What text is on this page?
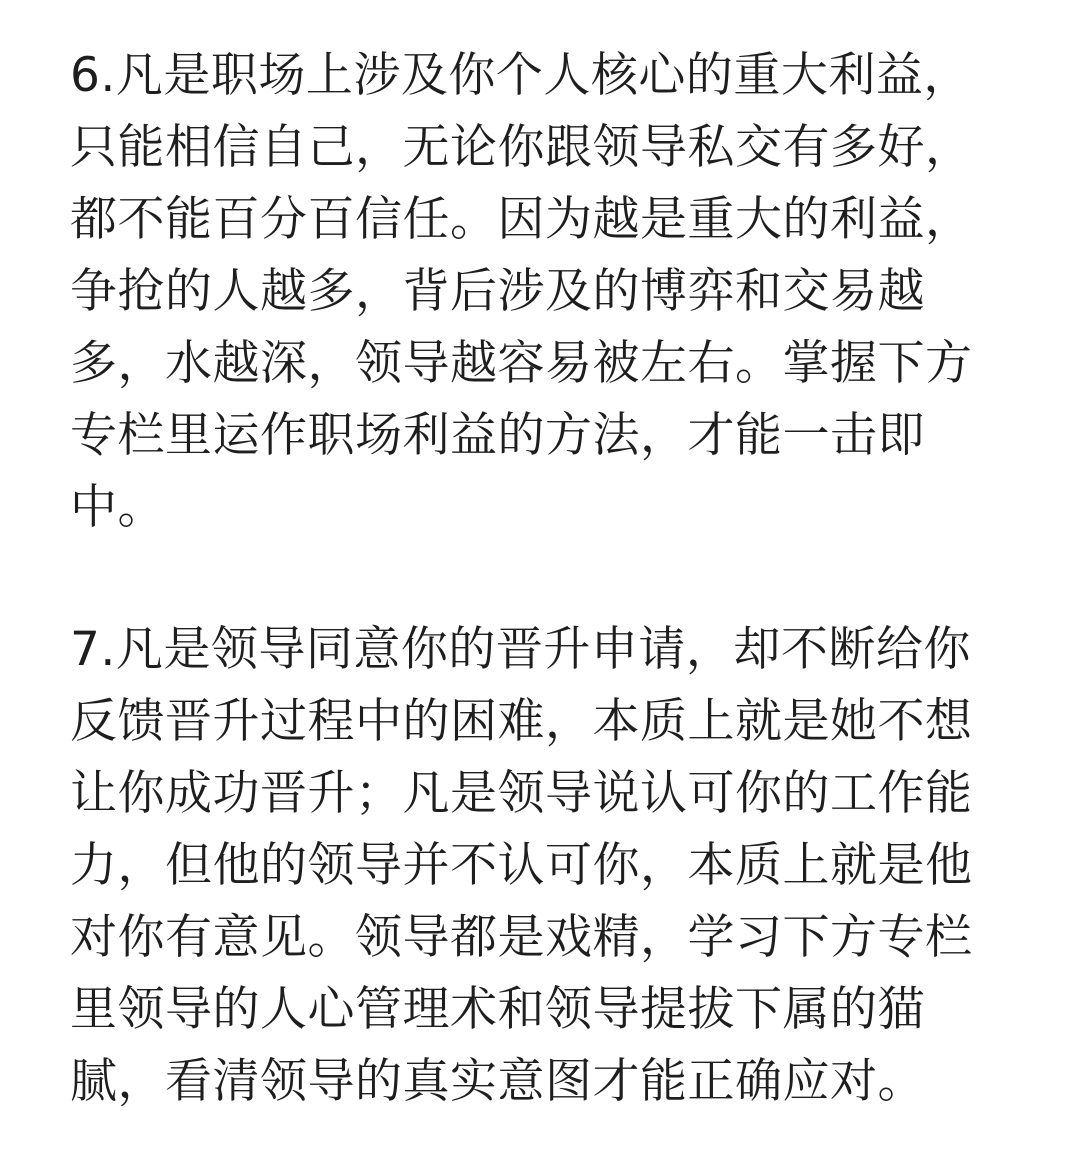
6.凡是职场上涉及你个人核心的重大利益，
只能相信自己，无论你跟领导私交有多好，
都不能百分百信任。因为越是重大的利益，
争抢的人越多，背后涉及的博弈和交易越
多，水越深，领导越容易被左右。掌握下方
专栏里运作职场利益的方法，才能一击即
中。
7.凡是领导同意你的晋升申请，却不断给你
反馈晋升过程中的困难，本质上就是她不想
让你成功晋升；凡是领导说认可你的工作能
力，但他的领导并不认可你，本质上就是他
对你有意见。领导都是戏精，学习下方专栏
里领导的人心管理术和领导提拔下属的猫
腻，看清领导的真实意图才能正确应对。
